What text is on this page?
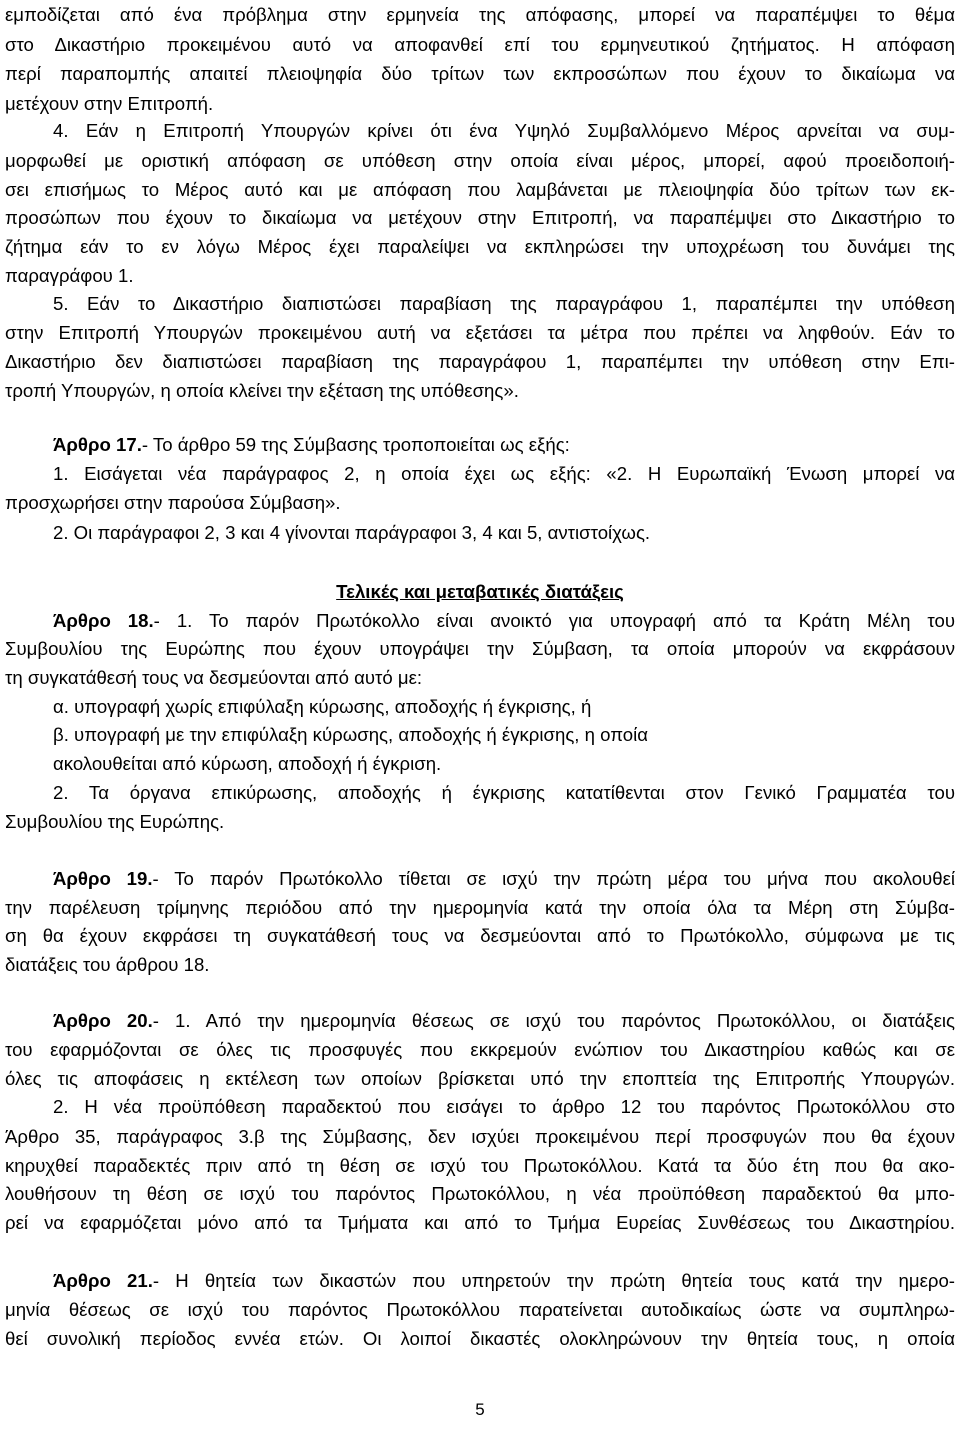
εμποδίζεται από ένα πρόβλημα στην ερμηνεία της απόφασης, μπορεί να παραπέμψει το θέμα
στο Δικαστήριο προκειμένου αυτό να αποφανθεί επί του ερμηνευτικού ζητήματος. Η απόφαση
περί παραπομπής απαιτεί πλειοψηφία δύο τρίτων των εκπροσώπων που έχουν το δικαίωμα να
μετέχουν στην Επιτροπή.
4. Εάν η Επιτροπή Υπουργών κρίνει ότι ένα Υψηλό Συμβαλλόμενο Μέρος αρνείται να συμ-
μορφωθεί με οριστική απόφαση σε υπόθεση στην οποία είναι μέρος, μπορεί, αφού προειδοποιή-
σει επισήμως το Μέρος αυτό και με απόφαση που λαμβάνεται με πλειοψηφία δύο τρίτων των εκ-
προσώπων που έχουν το δικαίωμα να μετέχουν στην Επιτροπή, να παραπέμψει στο Δικαστήριο το
ζήτημα εάν το εν λόγω Μέρος έχει παραλείψει να εκπληρώσει την υποχρέωση του δυνάμει της
παραγράφου 1.
5. Εάν το Δικαστήριο διαπιστώσει παραβίαση της παραγράφου 1, παραπέμπει την υπόθεση
στην Επιτροπή Υπουργών προκειμένου αυτή να εξετάσει τα μέτρα που πρέπει να ληφθούν. Εάν το
Δικαστήριο δεν διαπιστώσει παραβίαση της παραγράφου 1, παραπέμπει την υπόθεση στην Επι-
τροπή Υπουργών, η οποία κλείνει την εξέταση της υπόθεσης».
Άρθρο 17.- Το άρθρο 59 της Σύμβασης τροποποιείται ως εξής:
1. Εισάγεται νέα παράγραφος 2, η οποία έχει ως εξής: «2. Η Ευρωπαϊκή Ένωση μπορεί να
προσχωρήσει στην παρούσα Σύμβαση».
2. Οι παράγραφοι 2, 3 και 4 γίνονται παράγραφοι 3, 4 και 5, αντιστοίχως.
Τελικές και μεταβατικές διατάξεις
Άρθρο 18.- 1. Το παρόν Πρωτόκολλο είναι ανοικτό για υπογραφή από τα Κράτη Μέλη του
Συμβουλίου της Ευρώπης που έχουν υπογράψει την Σύμβαση, τα οποία μπορούν να εκφράσουν
τη συγκατάθεσή τους να δεσμεύονται από αυτό με:
α. υπογραφή χωρίς επιφύλαξη κύρωσης, αποδοχής ή έγκρισης, ή
β. υπογραφή με την επιφύλαξη κύρωσης, αποδοχής ή έγκρισης, η οποία
ακολουθείται από κύρωση, αποδοχή ή έγκριση.
2. Τα όργανα επικύρωσης, αποδοχής ή έγκρισης κατατίθενται στον Γενικό Γραμματέα του
Συμβουλίου της Ευρώπης.
Άρθρο 19.- Το παρόν Πρωτόκολλο τίθεται σε ισχύ την πρώτη μέρα του μήνα που ακολουθεί
την παρέλευση τρίμηνης περιόδου από την ημερομηνία κατά την οποία όλα τα Μέρη στη Σύμβα-
ση θα έχουν εκφράσει τη συγκατάθεσή τους να δεσμεύονται από το Πρωτόκολλο, σύμφωνα με τις
διατάξεις του άρθρου 18.
Άρθρο 20.- 1. Από την ημερομηνία θέσεως σε ισχύ του παρόντος Πρωτοκόλλου, οι διατάξεις
του εφαρμόζονται σε όλες τις προσφυγές που εκκρεμούν ενώπιον του Δικαστηρίου καθώς και σε
όλες τις αποφάσεις η εκτέλεση των οποίων βρίσκεται υπό την εποπτεία της Επιτροπής Υπουργών.
2. Η νέα προϋπόθεση παραδεκτού που εισάγει το άρθρο 12 του παρόντος Πρωτοκόλλου στο
Άρθρο 35, παράγραφος 3.β της Σύμβασης, δεν ισχύει προκειμένου περί προσφυγών που θα έχουν
κηρυχθεί παραδεκτές πριν από τη θέση σε ισχύ του Πρωτοκόλλου. Κατά τα δύο έτη που θα ακο-
λουθήσουν τη θέση σε ισχύ του παρόντος Πρωτοκόλλου, η νέα προϋπόθεση παραδεκτού θα μπο-
ρεί να εφαρμόζεται μόνο από τα Τμήματα και από το Τμήμα Ευρείας Συνθέσεως του Δικαστηρίου.
Άρθρο 21.- Η θητεία των δικαστών που υπηρετούν την πρώτη θητεία τους κατά την ημερο-
μηνία θέσεως σε ισχύ του παρόντος Πρωτοκόλλου παρατείνεται αυτοδικαίως ώστε να συμπληρω-
θεί συνολική περίοδος εννέα ετών. Οι λοιποί δικαστές ολοκληρώνουν την θητεία τους, η οποία
5
